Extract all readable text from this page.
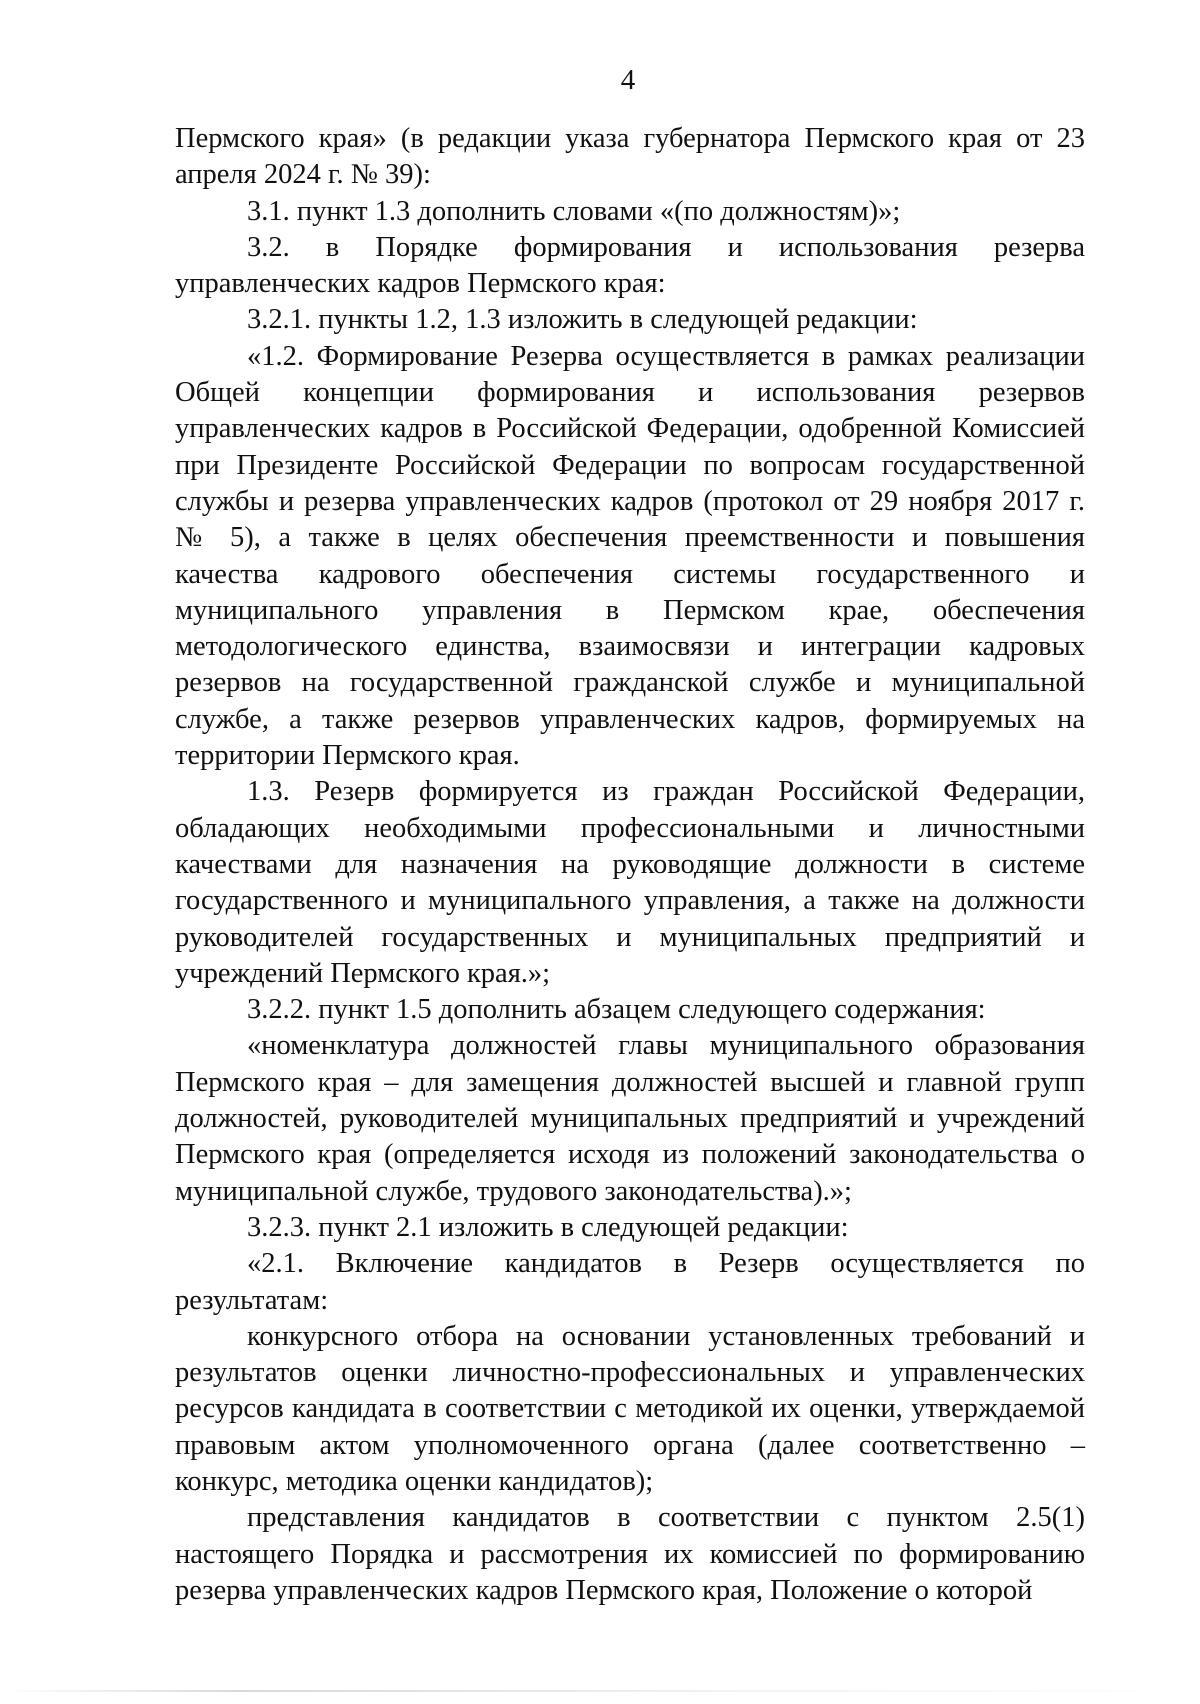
4

Пермского края» (в редакции указа губернатора Пермского края от 23 апреля 2024 г. № 39):

3.1. пункт 1.3 дополнить словами «(по должностям)»;

3.2. в Порядке формирования и использования резерва управленческих кадров Пермского края:

3.2.1. пункты 1.2, 1.3 изложить в следующей редакции:

«1.2. Формирование Резерва осуществляется в рамках реализации Общей концепции формирования и использования резервов управленческих кадров в Российской Федерации, одобренной Комиссией при Президенте Российской Федерации по вопросам государственной службы и резерва управленческих кадров (протокол от 29 ноября 2017 г. № 5), а также в целях обеспечения преемственности и повышения качества кадрового обеспечения системы государственного и муниципального управления в Пермском крае, обеспечения методологического единства, взаимосвязи и интеграции кадровых резервов на государственной гражданской службе и муниципальной службе, а также резервов управленческих кадров, формируемых на территории Пермского края.

1.3. Резерв формируется из граждан Российской Федерации, обладающих необходимыми профессиональными и личностными качествами для назначения на руководящие должности в системе государственного и муниципального управления, а также на должности руководителей государственных и муниципальных предприятий и учреждений Пермского края.»;

3.2.2. пункт 1.5 дополнить абзацем следующего содержания:

«номенклатура должностей главы муниципального образования Пермского края – для замещения должностей высшей и главной групп должностей, руководителей муниципальных предприятий и учреждений Пермского края (определяется исходя из положений законодательства о муниципальной службе, трудового законодательства).»;

3.2.3. пункт 2.1 изложить в следующей редакции:

«2.1. Включение кандидатов в Резерв осуществляется по результатам:

конкурсного отбора на основании установленных требований и результатов оценки личностно-профессиональных и управленческих ресурсов кандидата в соответствии с методикой их оценки, утверждаемой правовым актом уполномоченного органа (далее соответственно – конкурс, методика оценки кандидатов);

представления кандидатов в соответствии с пунктом 2.5(1) настоящего Порядка и рассмотрения их комиссией по формированию резерва управленческих кадров Пермского края, Положение о которой
